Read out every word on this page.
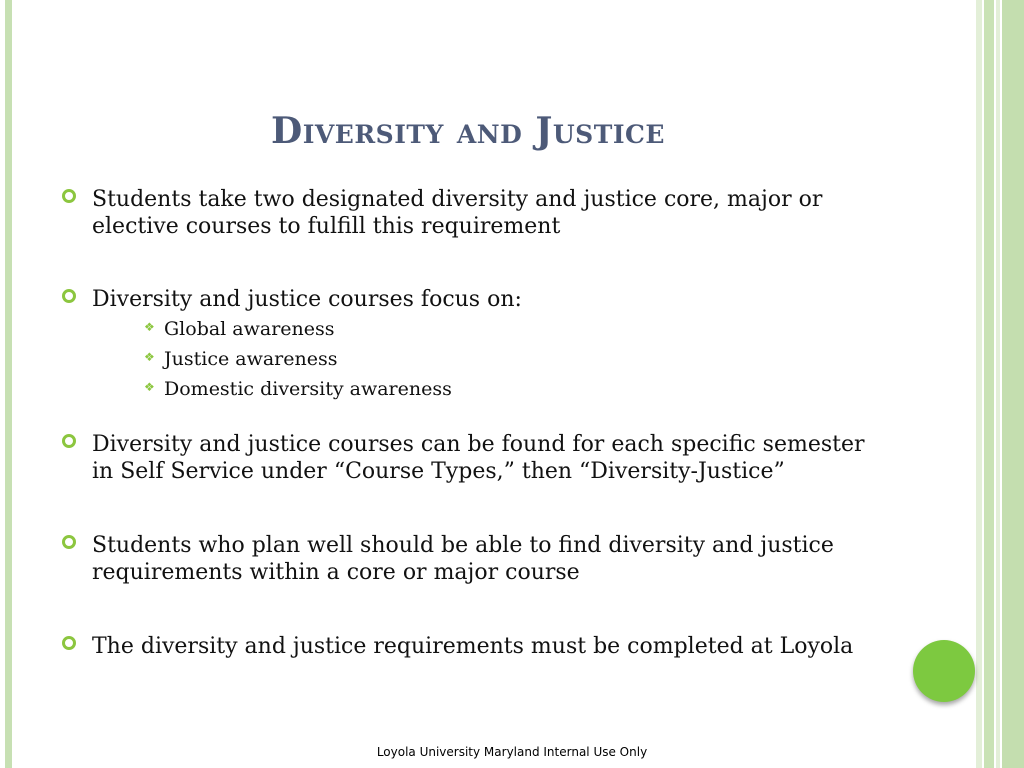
Diversity and Justice
Students take two designated diversity and justice core, major or elective courses to fulfill this requirement
Diversity and justice courses focus on:
❖ Global awareness
❖ Justice awareness
❖ Domestic diversity awareness
Diversity and justice courses can be found for each specific semester in Self Service under “Course Types,” then “Diversity-Justice”
Students who plan well should be able to find diversity and justice requirements within a core or major course
The diversity and justice requirements must be completed at Loyola
Loyola University Maryland Internal Use Only
